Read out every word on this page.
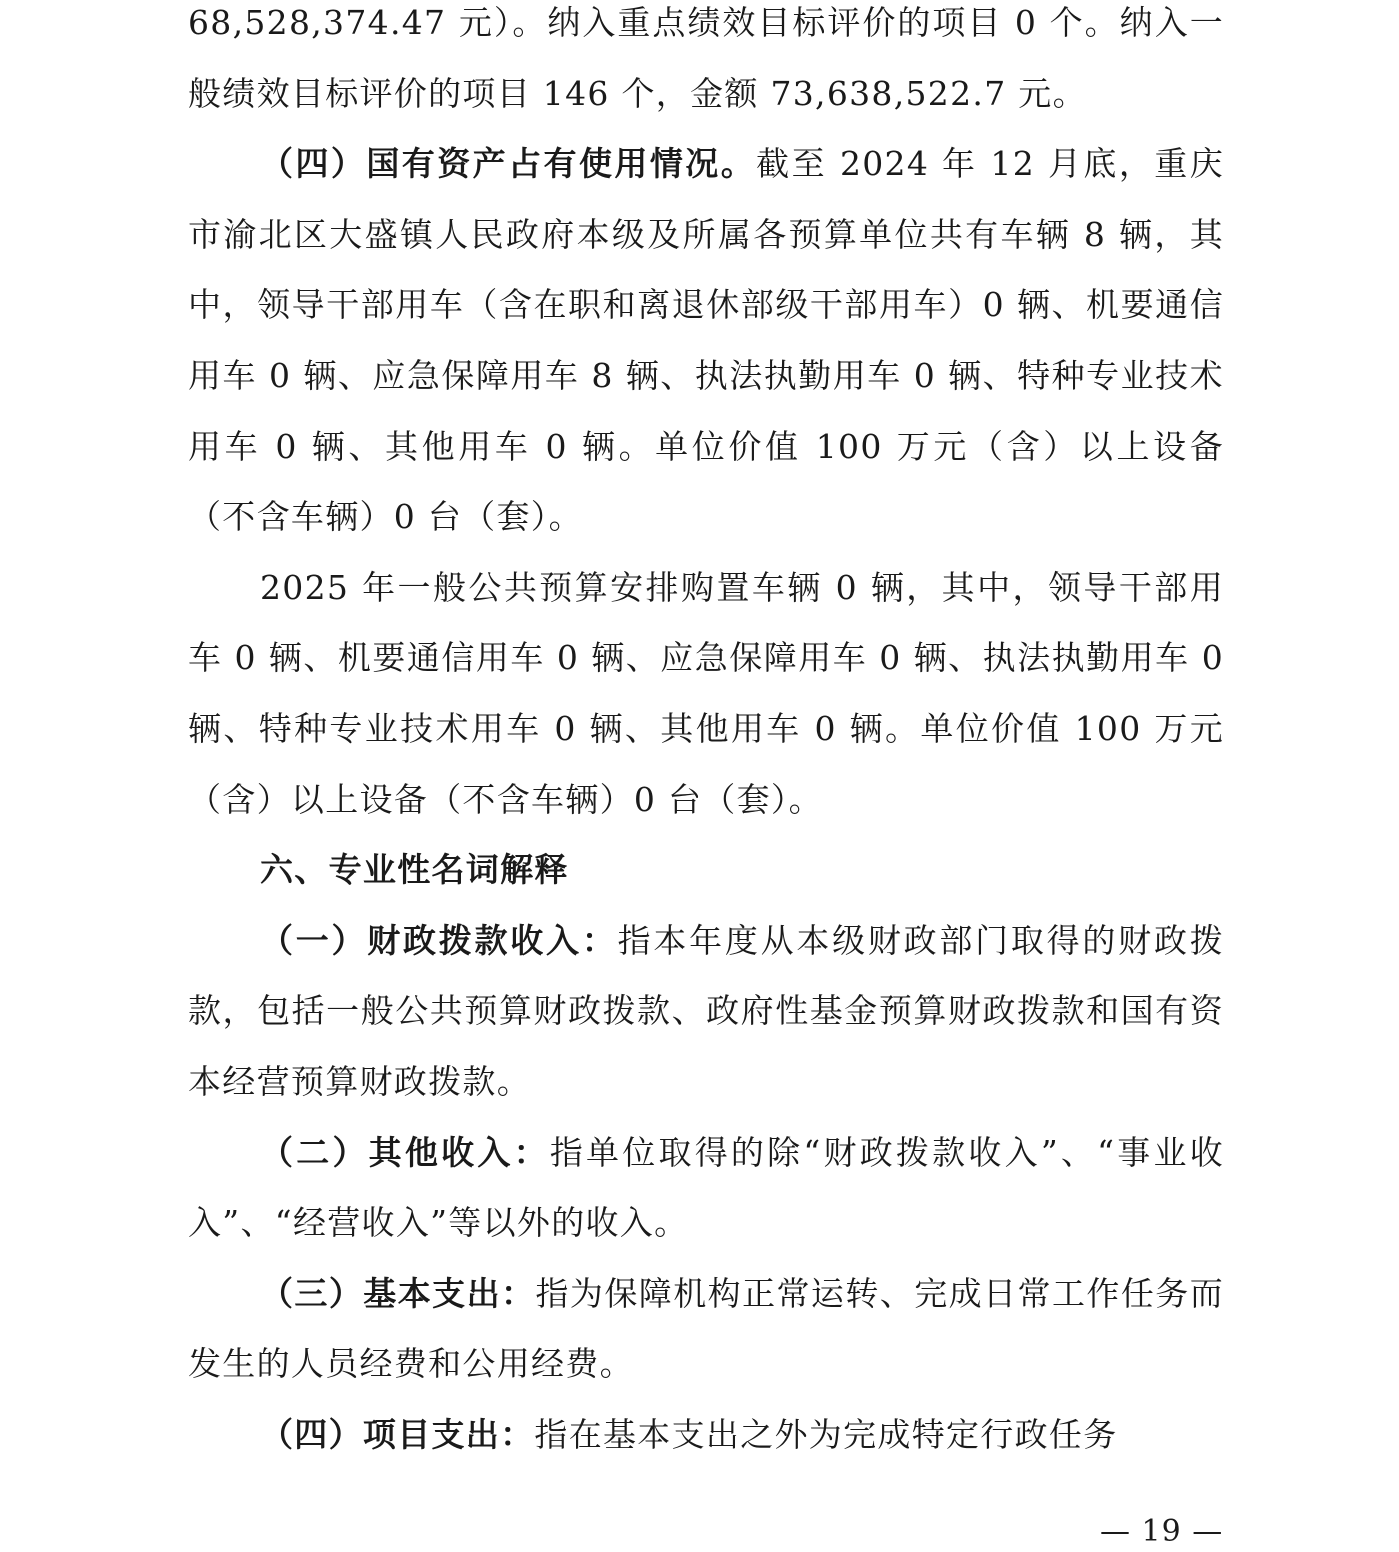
68,528,374.47 元）。纳入重点绩效目标评价的项目 0 个。纳入一般绩效目标评价的项目 146 个，金额 73,638,522.7 元。

（四）国有资产占有使用情况。截至 2024 年 12 月底，重庆市渝北区大盛镇人民政府本级及所属各预算单位共有车辆 8 辆，其中，领导干部用车（含在职和离退休部级干部用车）0 辆、机要通信用车 0 辆、应急保障用车 8 辆、执法执勤用车 0 辆、特种专业技术用车 0 辆、其他用车 0 辆。单位价值 100 万元（含）以上设备（不含车辆）0 台（套）。

2025 年一般公共预算安排购置车辆 0 辆，其中，领导干部用车 0 辆、机要通信用车 0 辆、应急保障用车 0 辆、执法执勤用车 0 辆、特种专业技术用车 0 辆、其他用车 0 辆。单位价值 100 万元（含）以上设备（不含车辆）0 台（套）。

六、专业性名词解释

（一）财政拨款收入：指本年度从本级财政部门取得的财政拨款，包括一般公共预算财政拨款、政府性基金预算财政拨款和国有资本经营预算财政拨款。

（二）其他收入：指单位取得的除“财政拨款收入”、“事业收入”、“经营收入”等以外的收入。

（三）基本支出：指为保障机构正常运转、完成日常工作任务而发生的人员经费和公用经费。

（四）项目支出：指在基本支出之外为完成特定行政任务

— 19 —
